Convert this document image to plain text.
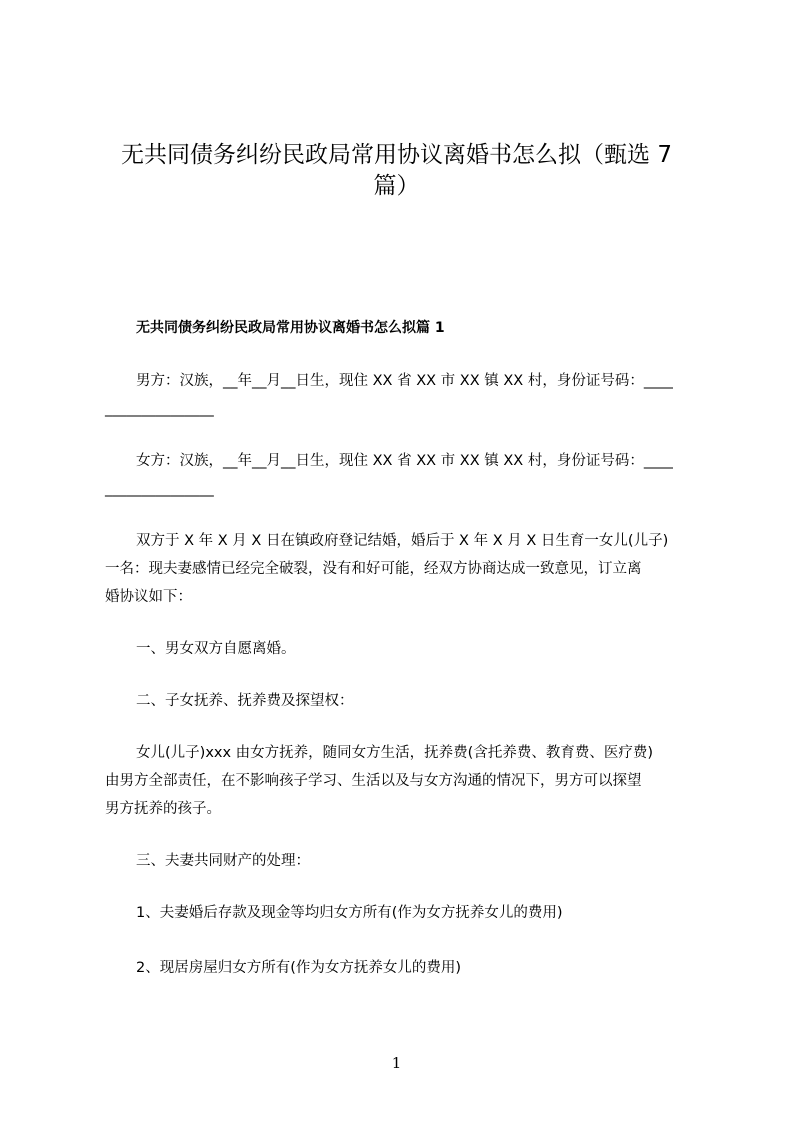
无共同债务纠纷民政局常用协议离婚书怎么拟（甄选 7
篇）
无共同债务纠纷民政局常用协议离婚书怎么拟篇 1
男方：汉族，__年__月__日生，现住 XX 省 XX 市 XX 镇 XX 村，身份证号码：____
_______________
女方：汉族，__年__月__日生，现住 XX 省 XX 市 XX 镇 XX 村，身份证号码：____
_______________
双方于 X 年 X 月 X 日在镇政府登记结婚，婚后于 X 年 X 月 X 日生育一女儿(儿子)
一名：现夫妻感情已经完全破裂，没有和好可能，经双方协商达成一致意见，订立离
婚协议如下：
一、男女双方自愿离婚。
二、子女抚养、抚养费及探望权：
女儿(儿子)xxx 由女方抚养，随同女方生活，抚养费(含托养费、教育费、医疗费)
由男方全部责任，在不影响孩子学习、生活以及与女方沟通的情况下，男方可以探望
男方抚养的孩子。
三、夫妻共同财产的处理：
1、夫妻婚后存款及现金等均归女方所有(作为女方抚养女儿的费用)
2、现居房屋归女方所有(作为女方抚养女儿的费用)
1
